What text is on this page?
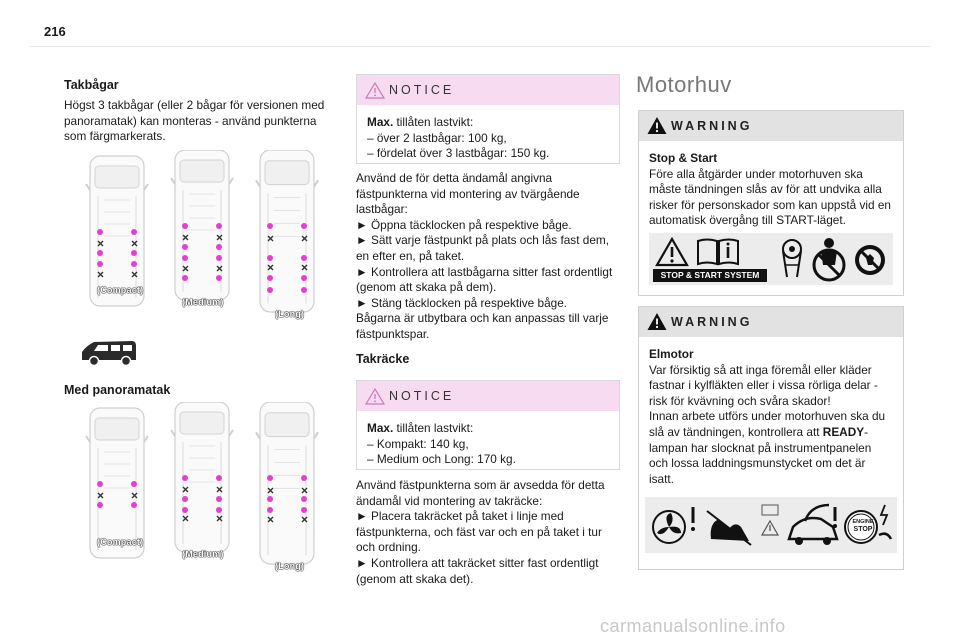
216
Takbågar
Högst 3 takbågar (eller 2 bågar för versionen med panoramatak) kan monteras - använd punkterna som färgmarkerats.
(Compact)
(Medium)
(Long)
Med panoramatak
(Compact)
(Medium)
(Long)
NOTICE

Max. tillåten lastvikt:

– över 2 lastbågar: 100 kg,

– fördelat över 3 lastbågar: 150 kg.

Använd de för detta ändamål angivna fästpunkterna vid montering av tvärgående lastbågar:

► Öppna täcklocken på respektive båge.

► Sätt varje fästpunkt på plats och lås fast dem, en efter en, på taket.

► Kontrollera att lastbågarna sitter fast ordentligt (genom att skaka på dem).

► Stäng täcklocken på respektive båge.

Bågarna är utbytbara och kan anpassas till varje fästpunktspar.

Takräcke
NOTICE

Max. tillåten lastvikt:

– Kompakt: 140 kg,

– Medium och Long: 170 kg.

Använd fästpunkterna som är avsedda för detta ändamål vid montering av takräcke:

► Placera takräcket på taket i linje med fästpunkterna, och fäst var och en på taket i tur och ordning.

► Kontrollera att takräcket sitter fast ordentligt (genom att skaka det).

Motorhuv
WARNING

Stop & Start

Före alla åtgärder under motorhuven ska måste tändningen slås av för att undvika alla risker för personskador som kan uppstå vid en automatisk övergång till START-läget.

STOP & START SYSTEM
WARNING

Elmotor

Var försiktig så att inga föremål eller kläder fastnar i kylfläkten eller i vissa rörliga delar - risk för kvävning och svåra skador!

Innan arbete utförs under motorhuven ska du slå av tändningen, kontrollera att READY-lampan har slocknat på instrumentpanelen och lossa laddningsmunstycket om det är isatt.

ENGINE
STOP
carmanualsonline.info
